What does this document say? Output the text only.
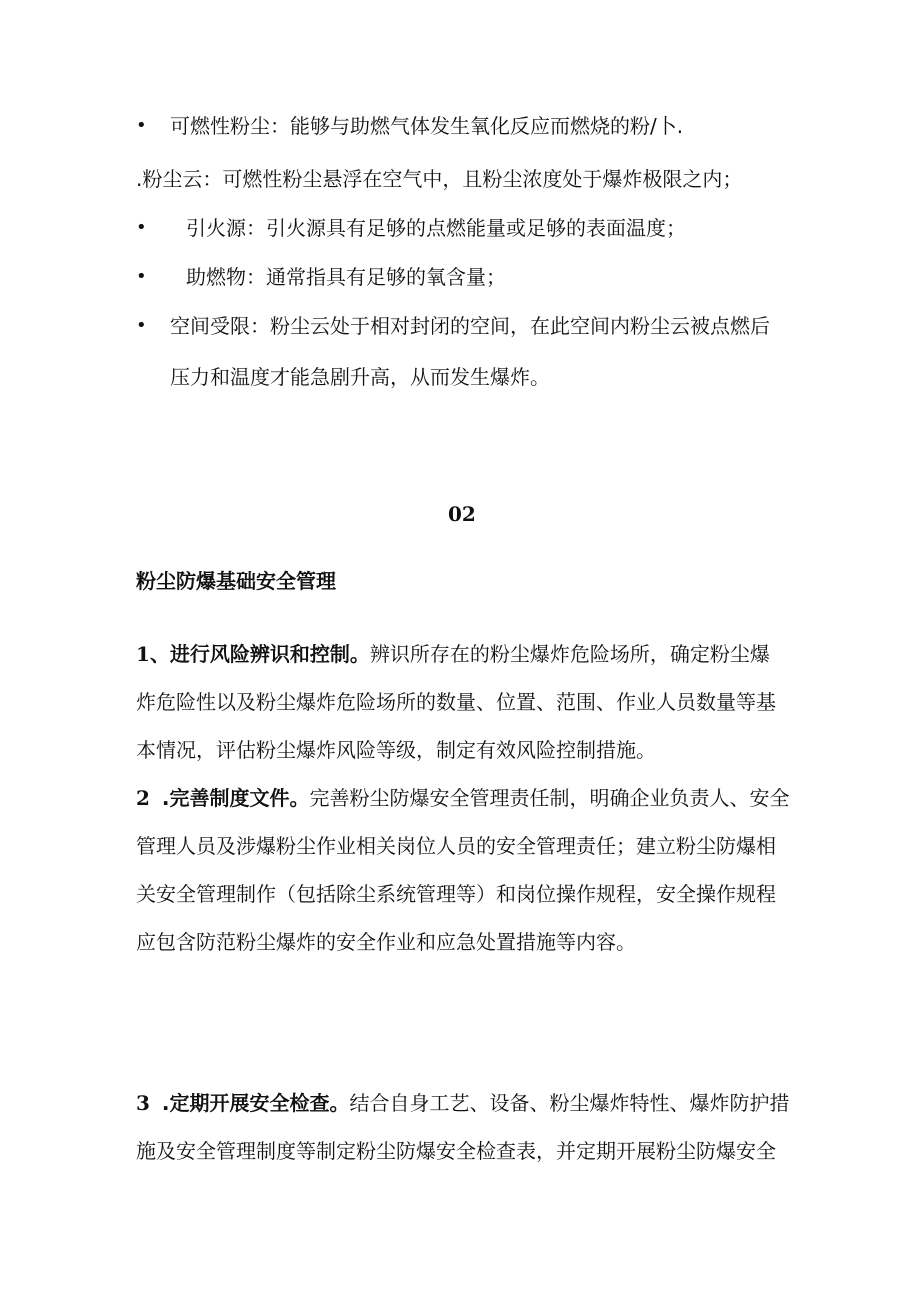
• 可燃性粉尘：能够与助燃气体发生氧化反应而燃烧的粉/卜.
.粉尘云：可燃性粉尘悬浮在空气中，且粉尘浓度处于爆炸极限之内；
• 引火源：引火源具有足够的点燃能量或足够的表面温度；
• 助燃物：通常指具有足够的氧含量；
• 空间受限：粉尘云处于相对封闭的空间，在此空间内粉尘云被点燃后
压力和温度才能急剧升高，从而发生爆炸。
02
粉尘防爆基础安全管理
1、进行风险辨识和控制。辨识所存在的粉尘爆炸危险场所，确定粉尘爆
炸危险性以及粉尘爆炸危险场所的数量、位置、范围、作业人员数量等基
本情况，评估粉尘爆炸风险等级，制定有效风险控制措施。
2 .完善制度文件。完善粉尘防爆安全管理责任制，明确企业负责人、安全
管理人员及涉爆粉尘作业相关岗位人员的安全管理责任；建立粉尘防爆相
关安全管理制作（包括除尘系统管理等）和岗位操作规程，安全操作规程
应包含防范粉尘爆炸的安全作业和应急处置措施等内容。
3 .定期开展安全检查。结合自身工艺、设备、粉尘爆炸特性、爆炸防护措
施及安全管理制度等制定粉尘防爆安全检查表，并定期开展粉尘防爆安全
